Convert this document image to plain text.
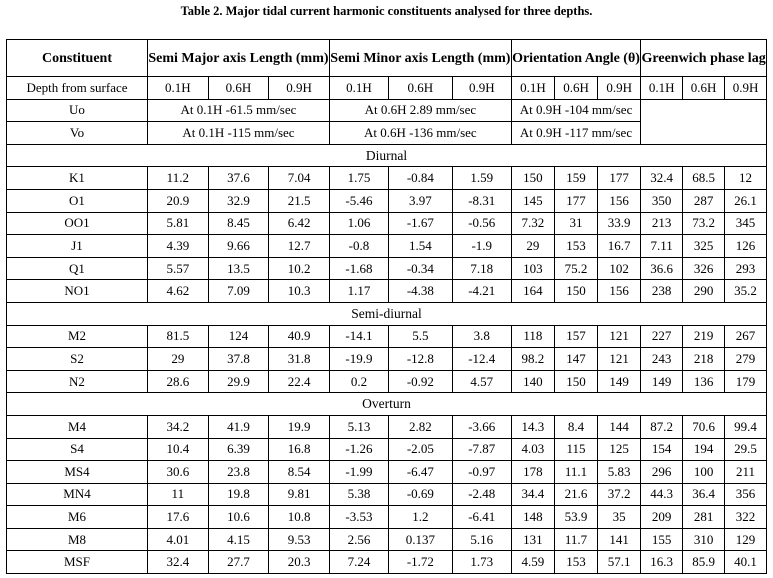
Table 2. Major tidal current harmonic constituents analysed for three depths.
Constituent	Semi Major axis Length (mm)			Semi Minor axis Length (mm)			Orientation Angle (θ)			Greenwich phase lag		
Depth from surface	0.1H	0.6H	0.9H	0.1H	0.6H	0.9H	0.1H	0.6H	0.9H	0.1H	0.6H	0.9H
Uo	At 0.1H -61.5 mm/sec			At 0.6H 2.89 mm/sec			At 0.9H -104 mm/sec					
Vo	At 0.1H -115 mm/sec			At 0.6H -136 mm/sec			At 0.9H -117 mm/sec					
Diurnal												
K1	11.2	37.6	7.04	1.75	-0.84	1.59	150	159	177	32.4	68.5	12
O1	20.9	32.9	21.5	-5.46	3.97	-8.31	145	177	156	350	287	26.1
OO1	5.81	8.45	6.42	1.06	-1.67	-0.56	7.32	31	33.9	213	73.2	345
J1	4.39	9.66	12.7	-0.8	1.54	-1.9	29	153	16.7	7.11	325	126
Q1	5.57	13.5	10.2	-1.68	-0.34	7.18	103	75.2	102	36.6	326	293
NO1	4.62	7.09	10.3	1.17	-4.38	-4.21	164	150	156	238	290	35.2
Semi-diurnal												
M2	81.5	124	40.9	-14.1	5.5	3.8	118	157	121	227	219	267
S2	29	37.8	31.8	-19.9	-12.8	-12.4	98.2	147	121	243	218	279
N2	28.6	29.9	22.4	0.2	-0.92	4.57	140	150	149	149	136	179
Overturn												
M4	34.2	41.9	19.9	5.13	2.82	-3.66	14.3	8.4	144	87.2	70.6	99.4
S4	10.4	6.39	16.8	-1.26	-2.05	-7.87	4.03	115	125	154	194	29.5
MS4	30.6	23.8	8.54	-1.99	-6.47	-0.97	178	11.1	5.83	296	100	211
MN4	11	19.8	9.81	5.38	-0.69	-2.48	34.4	21.6	37.2	44.3	36.4	356
M6	17.6	10.6	10.8	-3.53	1.2	-6.41	148	53.9	35	209	281	322
M8	4.01	4.15	9.53	2.56	0.137	5.16	131	11.7	141	155	310	129
MSF	32.4	27.7	20.3	7.24	-1.72	1.73	4.59	153	57.1	16.3	85.9	40.1
